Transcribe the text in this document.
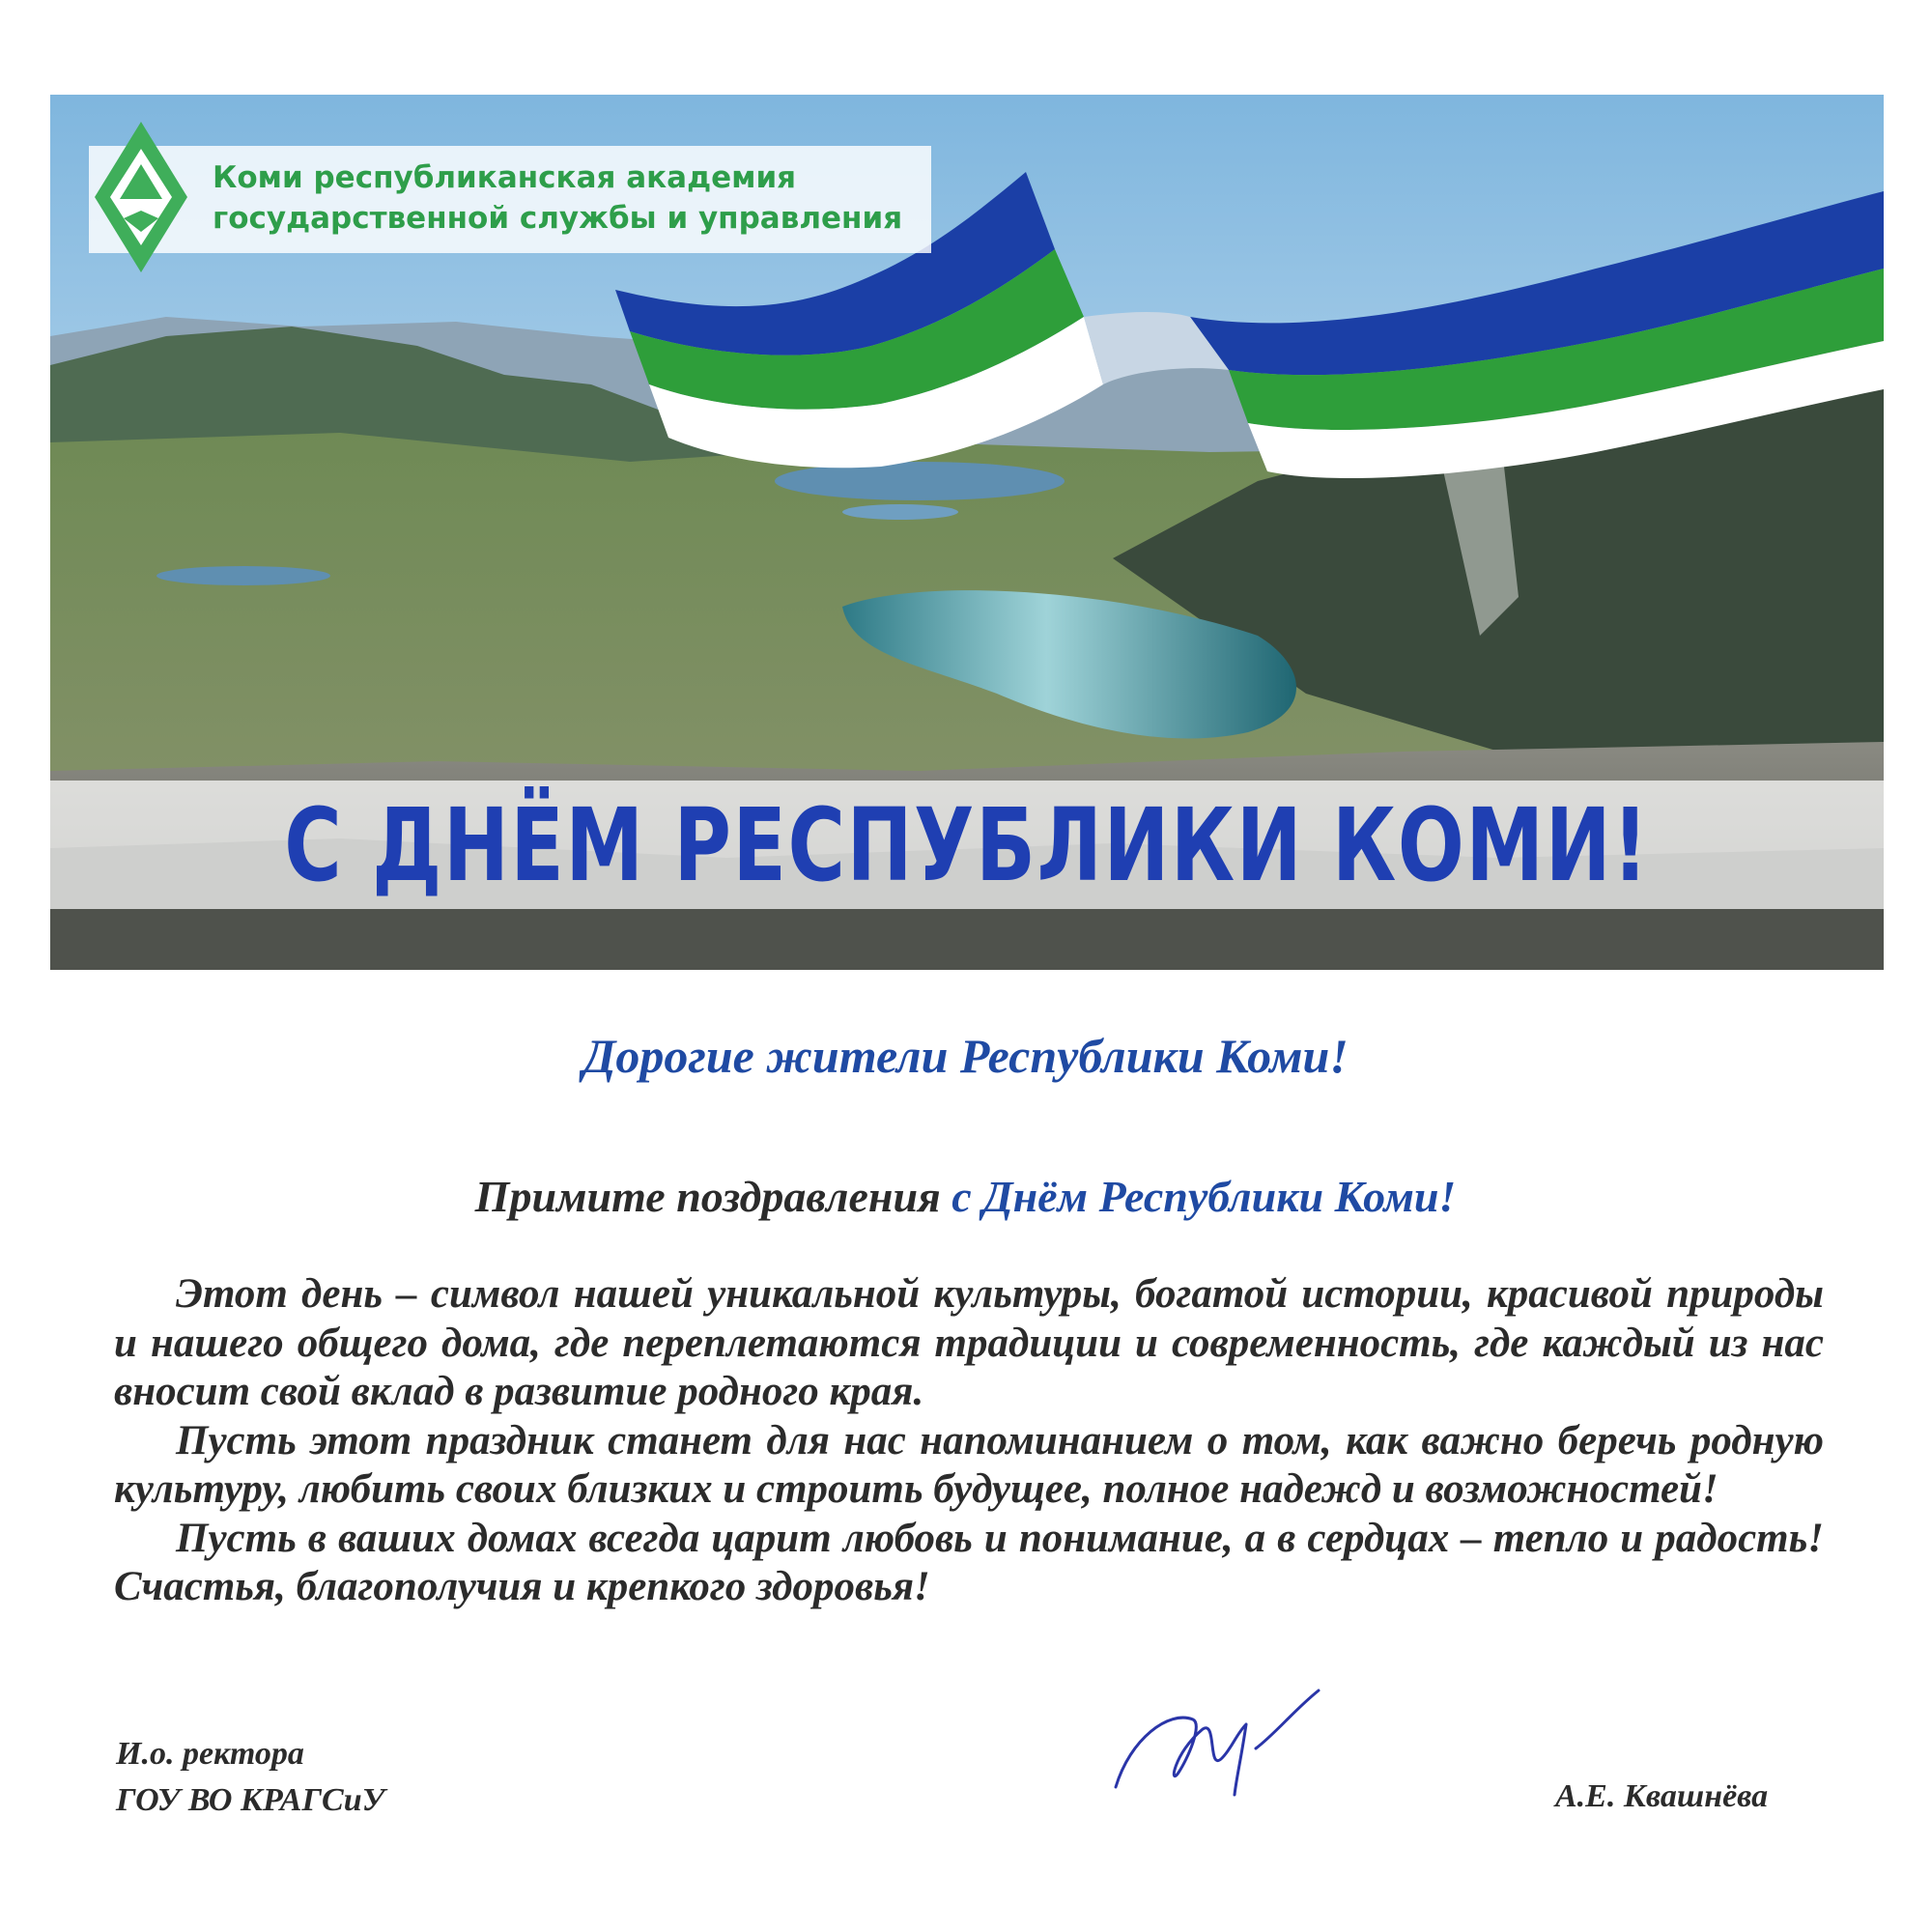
Коми республиканская академия
государственной службы и управления
С ДНЁМ РЕСПУБЛИКИ КОМИ!
Дорогие жители Республики Коми!
Примите поздравления с Днём Республики Коми!

Этот день – символ нашей уникальной культуры, богатой истории, красивой природы и нашего общего дома, где переплетаются традиции и современность, где каждый из нас вносит свой вклад в развитие родного края.

Пусть этот праздник станет для нас напоминанием о том, как важно беречь родную культуру, любить своих близких и строить будущее, полное надежд и возможностей!

Пусть в ваших домах всегда царит любовь и понимание, а в сердцах – тепло и радость! Счастья, благополучия и крепкого здоровья!

И.о. ректора
ГОУ ВО КРАГСиУ	А.Е. Квашнёва
